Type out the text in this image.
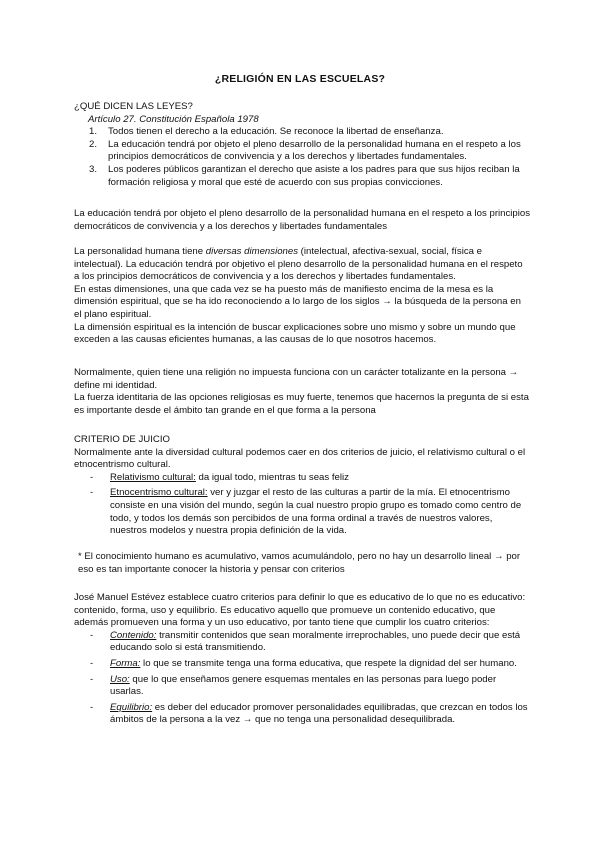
¿RELIGIÓN EN LAS ESCUELAS?

¿QUÉ DICEN LAS LEYES?

Artículo 27. Constitución Española 1978

1. Todos tienen el derecho a la educación. Se reconoce la libertad de enseñanza.
2. La educación tendrá por objeto el pleno desarrollo de la personalidad humana en el respeto a los principios democráticos de convivencia y a los derechos y libertades fundamentales.
3. Los poderes públicos garantizan el derecho que asiste a los padres para que sus hijos reciban la formación religiosa y moral que esté de acuerdo con sus propias convicciones.

La educación tendrá por objeto el pleno desarrollo de la personalidad humana en el respeto a los principios democráticos de convivencia y a los derechos y libertades fundamentales

La personalidad humana tiene diversas dimensiones (intelectual, afectiva-sexual, social, física e intelectual). La educación tendrá por objetivo el pleno desarrollo de la personalidad humana en el respeto a los principios democráticos de convivencia y a los derechos y libertades fundamentales.

En estas dimensiones, una que cada vez se ha puesto más de manifiesto encima de la mesa es la dimensión espiritual, que se ha ido reconociendo a lo largo de los siglos → la búsqueda de la persona en el plano espiritual.

La dimensión espiritual es la intención de buscar explicaciones sobre uno mismo y sobre un mundo que exceden a las causas eficientes humanas, a las causas de lo que nosotros hacemos.

Normalmente, quien tiene una religión no impuesta funciona con un carácter totalizante en la persona → define mi identidad.

La fuerza identitaria de las opciones religiosas es muy fuerte, tenemos que hacernos la pregunta de si esta es importante desde el ámbito tan grande en el que forma a la persona

CRITERIO DE JUICIO

Normalmente ante la diversidad cultural podemos caer en dos criterios de juicio, el relativismo cultural o el etnocentrismo cultural.

- Relativismo cultural: da igual todo, mientras tu seas feliz
- Etnocentrismo cultural: ver y juzgar el resto de las culturas a partir de la mía. El etnocentrismo consiste en una visión del mundo, según la cual nuestro propio grupo es tomado como centro de todo, y todos los demás son percibidos de una forma ordinal a través de nuestros valores, nuestros modelos y nuestra propia definición de la vida.

* El conocimiento humano es acumulativo, vamos acumulándolo, pero no hay un desarrollo lineal → por eso es tan importante conocer la historia y pensar con criterios

José Manuel Estévez establece cuatro criterios para definir lo que es educativo de lo que no es educativo: contenido, forma, uso y equilibrio. Es educativo aquello que promueve un contenido educativo, que además promueven una forma y un uso educativo, por tanto tiene que cumplir los cuatro criterios:

- Contenido: transmitir contenidos que sean moralmente irreprochables, uno puede decir que está educando solo si está transmitiendo.
- Forma: lo que se transmite tenga una forma educativa, que respete la dignidad del ser humano.
- Uso: que lo que enseñamos genere esquemas mentales en las personas para luego poder usarlas.
- Equilibrio: es deber del educador promover personalidades equilibradas, que crezcan en todos los ámbitos de la persona a la vez → que no tenga una personalidad desequilibrada.
